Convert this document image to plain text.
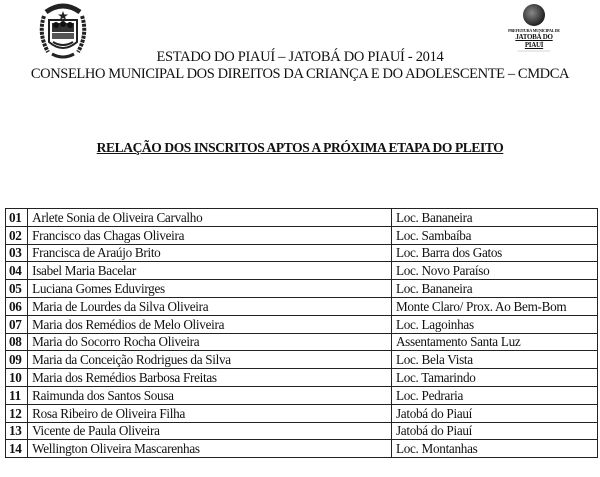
PREFEITURA MUNICIPAL DE
JATOBÁ DO PIAUÍ
~~~~~~~~~~~~~~~~~~~~
ESTADO DO PIAUÍ – JATOBÁ DO PIAUÍ - 2014
CONSELHO MUNICIPAL DOS DIREITOS DA CRIANÇA E DO ADOLESCENTE – CMDCA
RELAÇÃO DOS INSCRITOS APTOS A PRÓXIMA ETAPA DO PLEITO
01	Arlete Sonia de Oliveira Carvalho	Loc. Bananeira
02	Francisco das Chagas Oliveira	Loc. Sambaíba
03	Francisca de Araújo Brito	Loc. Barra dos Gatos
04	Isabel Maria Bacelar	Loc. Novo Paraíso
05	Luciana Gomes Eduvirges	Loc. Bananeira
06	Maria de Lourdes da Silva Oliveira	Monte Claro/ Prox. Ao Bem-Bom
07	Maria dos Remédios de Melo Oliveira	Loc. Lagoinhas
08	Maria do Socorro Rocha Oliveira	Assentamento Santa Luz
09	Maria da Conceição Rodrigues da Silva	Loc. Bela Vista
10	Maria dos Remédios Barbosa Freitas	Loc. Tamarindo
11	Raimunda dos Santos Sousa	Loc. Pedraria
12	Rosa Ribeiro de Oliveira Filha	Jatobá do Piauí
13	Vicente de Paula Oliveira	Jatobá do Piauí
14	Wellington Oliveira Mascarenhas	Loc. Montanhas
